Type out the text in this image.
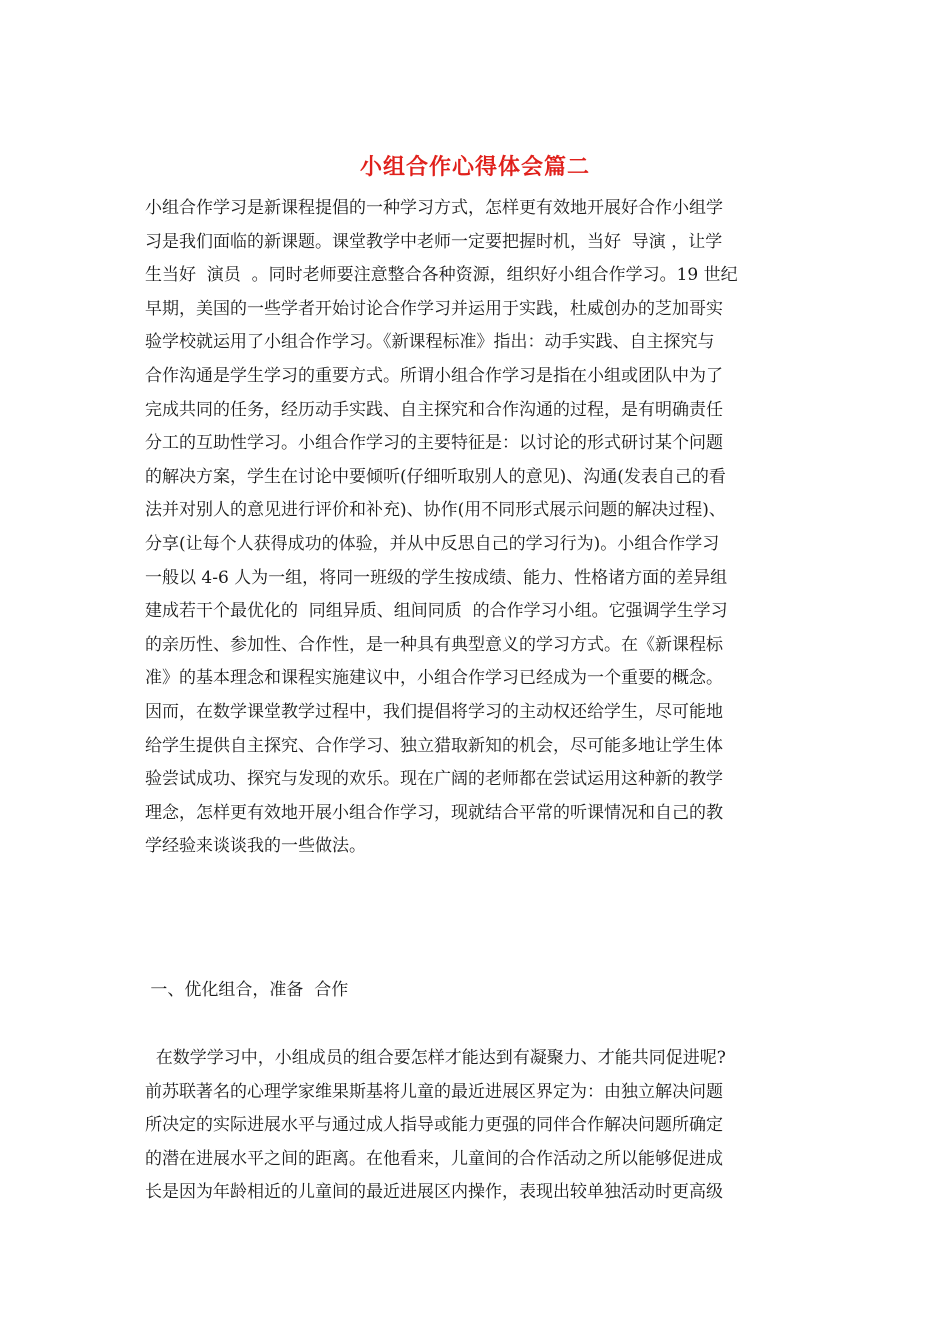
小组合作心得体会篇二
小组合作学习是新课程提倡的一种学习方式，怎样更有效地开展好合作小组学
习是我们面临的新课题。课堂教学中老师一定要把握时机，当好  导演 ，让学
生当好  演员  。同时老师要注意整合各种资源，组织好小组合作学习。19 世纪
早期，美国的一些学者开始讨论合作学习并运用于实践，杜威创办的芝加哥实
验学校就运用了小组合作学习。《新课程标准》指出：动手实践、自主探究与
合作沟通是学生学习的重要方式。所谓小组合作学习是指在小组或团队中为了
完成共同的任务，经历动手实践、自主探究和合作沟通的过程，是有明确责任
分工的互助性学习。小组合作学习的主要特征是：以讨论的形式研讨某个问题
的解决方案，学生在讨论中要倾听(仔细听取别人的意见)、沟通(发表自己的看
法并对别人的意见进行评价和补充)、协作(用不同形式展示问题的解决过程)、
分享(让每个人获得成功的体验，并从中反思自己的学习行为)。小组合作学习
一般以 4-6 人为一组，将同一班级的学生按成绩、能力、性格诸方面的差异组
建成若干个最优化的  同组异质、组间同质  的合作学习小组。它强调学生学习
的亲历性、参加性、合作性，是一种具有典型意义的学习方式。在《新课程标
准》的基本理念和课程实施建议中，小组合作学习已经成为一个重要的概念。
因而，在数学课堂教学过程中，我们提倡将学习的主动权还给学生，尽可能地
给学生提供自主探究、合作学习、独立猎取新知的机会，尽可能多地让学生体
验尝试成功、探究与发现的欢乐。现在广阔的老师都在尝试运用这种新的教学
理念，怎样更有效地开展小组合作学习，现就结合平常的听课情况和自己的教
学经验来谈谈我的一些做法。
一、优化组合，准备  合作
在数学学习中，小组成员的组合要怎样才能达到有凝聚力、才能共同促进呢?
前苏联著名的心理学家维果斯基将儿童的最近进展区界定为：由独立解决问题
所决定的实际进展水平与通过成人指导或能力更强的同伴合作解决问题所确定
的潜在进展水平之间的距离。在他看来，儿童间的合作活动之所以能够促进成
长是因为年龄相近的儿童间的最近进展区内操作，表现出较单独活动时更高级
